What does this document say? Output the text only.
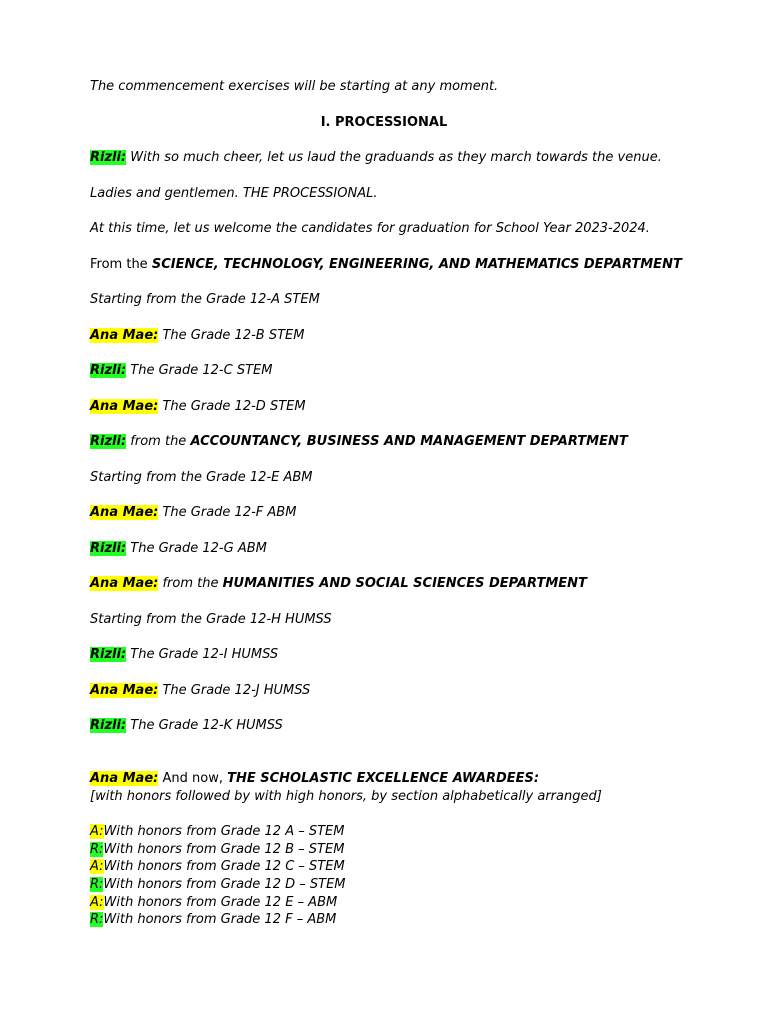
The commencement exercises will be starting at any moment.
I. PROCESSIONAL
Rizli: With so much cheer, let us laud the graduands as they march towards the venue.
Ladies and gentlemen. THE PROCESSIONAL.
At this time, let us welcome the candidates for graduation for School Year 2023-2024.
From the SCIENCE, TECHNOLOGY, ENGINEERING, AND MATHEMATICS DEPARTMENT
Starting from the Grade 12-A STEM
Ana Mae: The Grade 12-B STEM
Rizli: The Grade 12-C STEM
Ana Mae: The Grade 12-D STEM
Rizli: from the ACCOUNTANCY, BUSINESS AND MANAGEMENT DEPARTMENT
Starting from the Grade 12-E ABM
Ana Mae: The Grade 12-F ABM
Rizli: The Grade 12-G ABM
Ana Mae: from the HUMANITIES AND SOCIAL SCIENCES DEPARTMENT
Starting from the Grade 12-H HUMSS
Rizli: The Grade 12-I HUMSS
Ana Mae: The Grade 12-J HUMSS
Rizli: The Grade 12-K HUMSS
Ana Mae: And now, THE SCHOLASTIC EXCELLENCE AWARDEES:
[with honors followed by with high honors, by section alphabetically arranged]
A:With honors from Grade 12 A – STEM
R:With honors from Grade 12 B – STEM
A:With honors from Grade 12 C – STEM
R:With honors from Grade 12 D – STEM
A:With honors from Grade 12 E – ABM
R:With honors from Grade 12 F – ABM
